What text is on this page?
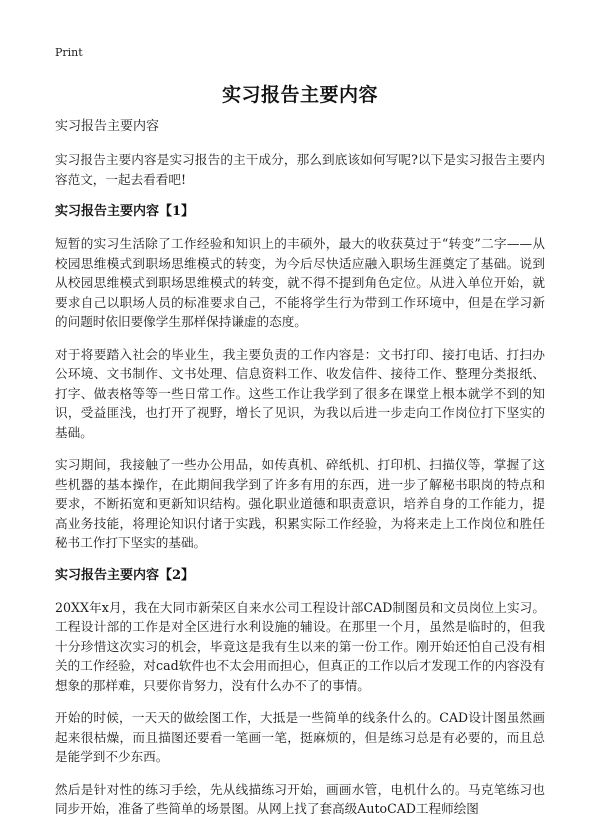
Print
实习报告主要内容
实习报告主要内容

实习报告主要内容是实习报告的主干成分，那么到底该如何写呢?以下是实习报告主要内容范文，一起去看看吧!

实习报告主要内容【1】

短暂的实习生活除了工作经验和知识上的丰硕外，最大的收获莫过于“转变”二字——从校园思维模式到职场思维模式的转变，为今后尽快适应融入职场生涯奠定了基础。说到从校园思维模式到职场思维模式的转变，就不得不提到角色定位。从进入单位开始，就要求自己以职场人员的标准要求自己，不能将学生行为带到工作环境中，但是在学习新的问题时依旧要像学生那样保持谦虚的态度。

对于将要踏入社会的毕业生，我主要负责的工作内容是：文书打印、接打电话、打扫办公环境、文书制作、文书处理、信息资料工作、收发信件、接待工作、整理分类报纸、打字、做表格等等一些日常工作。这些工作让我学到了很多在课堂上根本就学不到的知识，受益匪浅，也打开了视野，增长了见识，为我以后进一步走向工作岗位打下坚实的基础。

实习期间，我接触了一些办公用品，如传真机、碎纸机、打印机、扫描仪等，掌握了这些机器的基本操作，在此期间我学到了许多有用的东西，进一步了解秘书职岗的特点和要求，不断拓宽和更新知识结构。强化职业道德和职责意识，培养自身的工作能力，提高业务技能，将理论知识付诸于实践，积累实际工作经验，为将来走上工作岗位和胜任秘书工作打下坚实的基础。

实习报告主要内容【2】

20XX年x月，我在大同市新荣区自来水公司工程设计部CAD制图员和文员岗位上实习。工程设计部的工作是对全区进行水利设施的辅设。在那里一个月，虽然是临时的，但我十分珍惜这次实习的机会，毕竟这是我有生以来的第一份工作。刚开始还怕自己没有相关的工作经验，对cad软件也不太会用而担心，但真正的工作以后才发现工作的内容没有想象的那样难，只要你肯努力，没有什么办不了的事情。

开始的时候，一天天的做绘图工作，大抵是一些简单的线条什么的。CAD设计图虽然画起来很枯燥，而且描图还要看一笔画一笔，挺麻烦的，但是练习总是有必要的，而且总是能学到不少东西。

然后是针对性的练习手绘，先从线描练习开始，画画水管，电机什么的。马克笔练习也同步开始，准备了些简单的场景图。从网上找了套高级AutoCAD工程师绘图
